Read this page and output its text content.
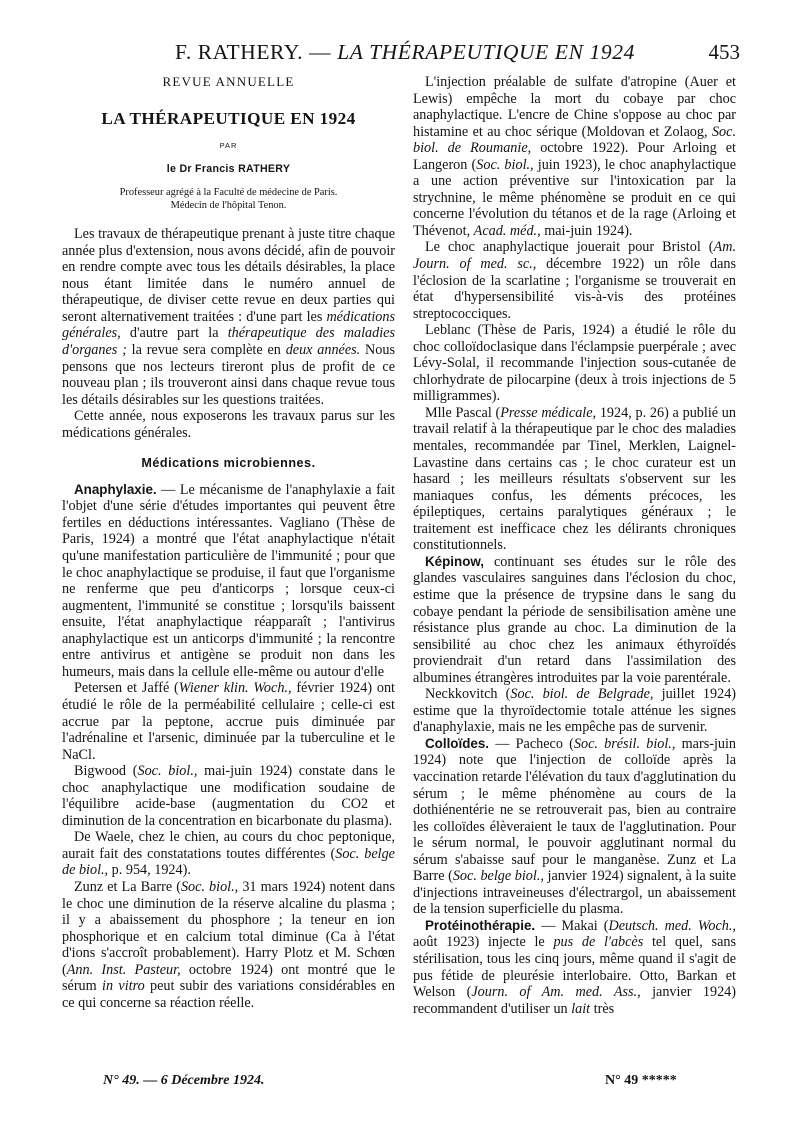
F. RATHERY. — LA THÉRAPEUTIQUE EN 1924	453
REVUE ANNUELLE
LA THÉRAPEUTIQUE EN 1924
PAR
le Dr Francis RATHERY
Professeur agrégé à la Faculté de médecine de Paris.
Médecin de l'hôpital Tenon.

Les travaux de thérapeutique prenant à juste titre chaque année plus d'extension, nous avons décidé, afin de pouvoir en rendre compte avec tous les détails désirables, la place nous étant limitée dans le numéro annuel de thérapeutique, de diviser cette revue en deux parties qui seront alternativement traitées : d'une part les médications générales, d'autre part la thérapeutique des maladies d'organes ; la revue sera complète en deux années. Nous pensons que nos lecteurs tireront plus de profit de ce nouveau plan ; ils trouveront ainsi dans chaque revue tous les détails désirables sur les questions traitées.

Cette année, nous exposerons les travaux parus sur les médications générales.

Médications microbiennes.

Anaphylaxie. — Le mécanisme de l'anaphylaxie a fait l'objet d'une série d'études importantes qui peuvent être fertiles en déductions intéressantes. Vagliano (Thèse de Paris, 1924) a montré que l'état anaphylactique n'était qu'une manifestation particulière de l'immunité ; pour que le choc anaphylactique se produise, il faut que l'organisme ne renferme que peu d'anticorps ; lorsque ceux-ci augmentent, l'immunité se constitue ; lorsqu'ils baissent ensuite, l'état anaphylactique réapparaît ; l'antivirus anaphylactique est un anticorps d'immunité ; la rencontre entre antivirus et antigène se produit non dans les humeurs, mais dans la cellule elle-même ou autour d'elle

Petersen et Jaffé (Wiener klin. Woch., février 1924) ont étudié le rôle de la perméabilité cellulaire ; celle-ci est accrue par la peptone, accrue puis diminuée par l'adrénaline et l'arsenic, diminuée par la tuberculine et le NaCl.

Bigwood (Soc. biol., mai-juin 1924) constate dans le choc anaphylactique une modification soudaine de l'équilibre acide-base (augmentation du CO2 et diminution de la concentration en bicarbonate du plasma).

De Waele, chez le chien, au cours du choc peptonique, aurait fait des constatations toutes différentes (Soc. belge de biol., p. 954, 1924).

Zunz et La Barre (Soc. biol., 31 mars 1924) notent dans le choc une diminution de la réserve alcaline du plasma ; il y a abaissement du phosphore ; la teneur en ion phosphorique et en calcium total diminue (Ca à l'état d'ions s'accroît probablement). Harry Plotz et M. Schœn (Ann. Inst. Pasteur, octobre 1924) ont montré que le sérum in vitro peut subir des variations considérables en ce qui concerne sa réaction réelle.

L'injection préalable de sulfate d'atropine (Auer et Lewis) empêche la mort du cobaye par choc anaphylactique. L'encre de Chine s'oppose au choc par histamine et au choc sérique (Moldovan et Zolaog, Soc. biol. de Roumanie, octobre 1922). Pour Arloing et Langeron (Soc. biol., juin 1923), le choc anaphylactique a une action préventive sur l'intoxication par la strychnine, le même phénomène se produit en ce qui concerne l'évolution du tétanos et de la rage (Arloing et Thévenot, Acad. méd., mai-juin 1924).

Le choc anaphylactique jouerait pour Bristol (Am. Journ. of med. sc., décembre 1922) un rôle dans l'éclosion de la scarlatine ; l'organisme se trouverait en état d'hypersensibilité vis-à-vis des protéines streptococciques.

Leblanc (Thèse de Paris, 1924) a étudié le rôle du choc colloïdoclasique dans l'éclampsie puerpérale ; avec Lévy-Solal, il recommande l'injection sous-cutanée de chlorhydrate de pilocarpine (deux à trois injections de 5 milligrammes).

Mlle Pascal (Presse médicale, 1924, p. 26) a publié un travail relatif à la thérapeutique par le choc des maladies mentales, recommandée par Tinel, Merklen, Laignel-Lavastine dans certains cas ; le choc curateur est un hasard ; les meilleurs résultats s'observent sur les maniaques confus, les déments précoces, les épileptiques, certains paralytiques généraux ; le traitement est inefficace chez les délirants chroniques constitutionnels.

Képinow, continuant ses études sur le rôle des glandes vasculaires sanguines dans l'éclosion du choc, estime que la présence de trypsine dans le sang du cobaye pendant la période de sensibilisation amène une résistance plus grande au choc. La diminution de la sensibilité au choc chez les animaux éthyroïdés proviendrait d'un retard dans l'assimilation des albumines étrangères introduites par la voie parentérale.

Neckkovitch (Soc. biol. de Belgrade, juillet 1924) estime que la thyroïdectomie totale atténue les signes d'anaphylaxie, mais ne les empêche pas de survenir.

Colloïdes. — Pacheco (Soc. brésil. biol., mars-juin 1924) note que l'injection de colloïde après la vaccination retarde l'élévation du taux d'agglutination du sérum ; le même phénomène au cours de la dothiénentérie ne se retrouverait pas, bien au contraire les colloïdes élèveraient le taux de l'agglutination. Pour le sérum normal, le pouvoir agglutinant normal du sérum s'abaisse sauf pour le manganèse. Zunz et La Barre (Soc. belge biol., janvier 1924) signalent, à la suite d'injections intraveineuses d'électrargol, un abaissement de la tension superficielle du plasma.

Protéinothérapie. — Makai (Deutsch. med. Woch., août 1923) injecte le pus de l'abcès tel quel, sans stérilisation, tous les cinq jours, même quand il s'agit de pus fétide de pleurésie interlobaire. Otto, Barkan et Welson (Journ. of Am. med. Ass., janvier 1924) recommandent d'utiliser un lait très

N° 49. — 6 Décembre 1924.	N° 49 *****
